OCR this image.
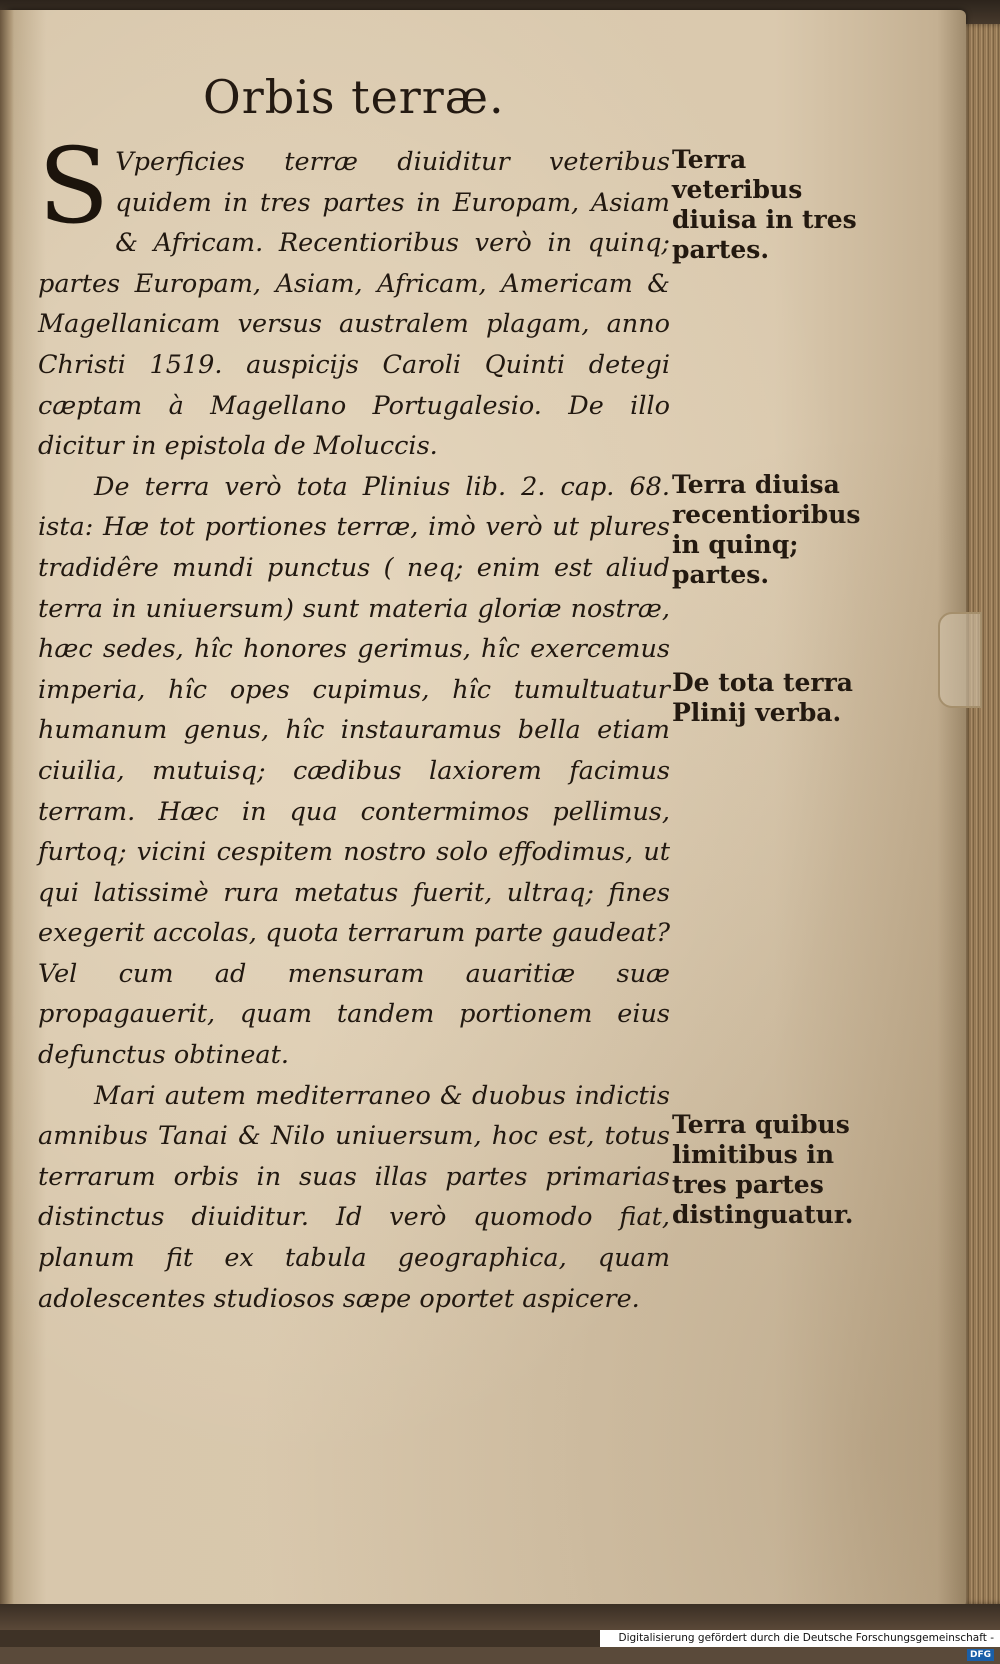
Orbis terræ.

S Vperficies terræ diuiditur veteribus quidem in tres partes in Europam, Asiam & Africam. Recentioribus verò in quinq; partes Europam, Asiam, Africam, Americam & Magellanicam versus australem plagam, anno Christi 1519. auspicijs Caroli Quinti detegi cæptam à Magellano Portugalesio. De illo dicitur in epistola de Moluccis.

De terra verò tota Plinius lib. 2. cap. 68. ista: Hæ tot portiones terræ, imò verò ut plures tradidêre mundi punctus ( neq; enim est aliud terra in uniuersum) sunt materia gloriæ nostræ, hæc sedes, hîc honores gerimus, hîc exercemus imperia, hîc opes cupimus, hîc tumultuatur humanum genus, hîc instauramus bella etiam ciuilia, mutuisq; cædibus laxiorem facimus terram. Hæc in qua contermimos pellimus, furtoq; vicini cespitem nostro solo effodimus, ut qui latissimè rura metatus fuerit, ultraq; fines exegerit accolas, quota terrarum parte gaudeat? Vel cum ad mensuram auaritiæ suæ propagauerit, quam tandem portionem eius defunctus obtineat.

Mari autem mediterraneo & duobus indictis amnibus Tanai & Nilo uniuersum, hoc est, totus terrarum orbis in suas illas partes primarias distinctus diuiditur. Id verò quomodo fiat, planum fit ex tabula geographica, quam adolescentes studiosos sæpe oportet aspicere.

Terra veteribus diuisa in tres partes.

Terra diuisa recentioribus in quinq; partes.

De tota terra Plinij verba.

Terra quibus limitibus in tres partes distinguatur.

Digitalisierung gefördert durch die Deutsche Forschungsgemeinschaft -DFG
